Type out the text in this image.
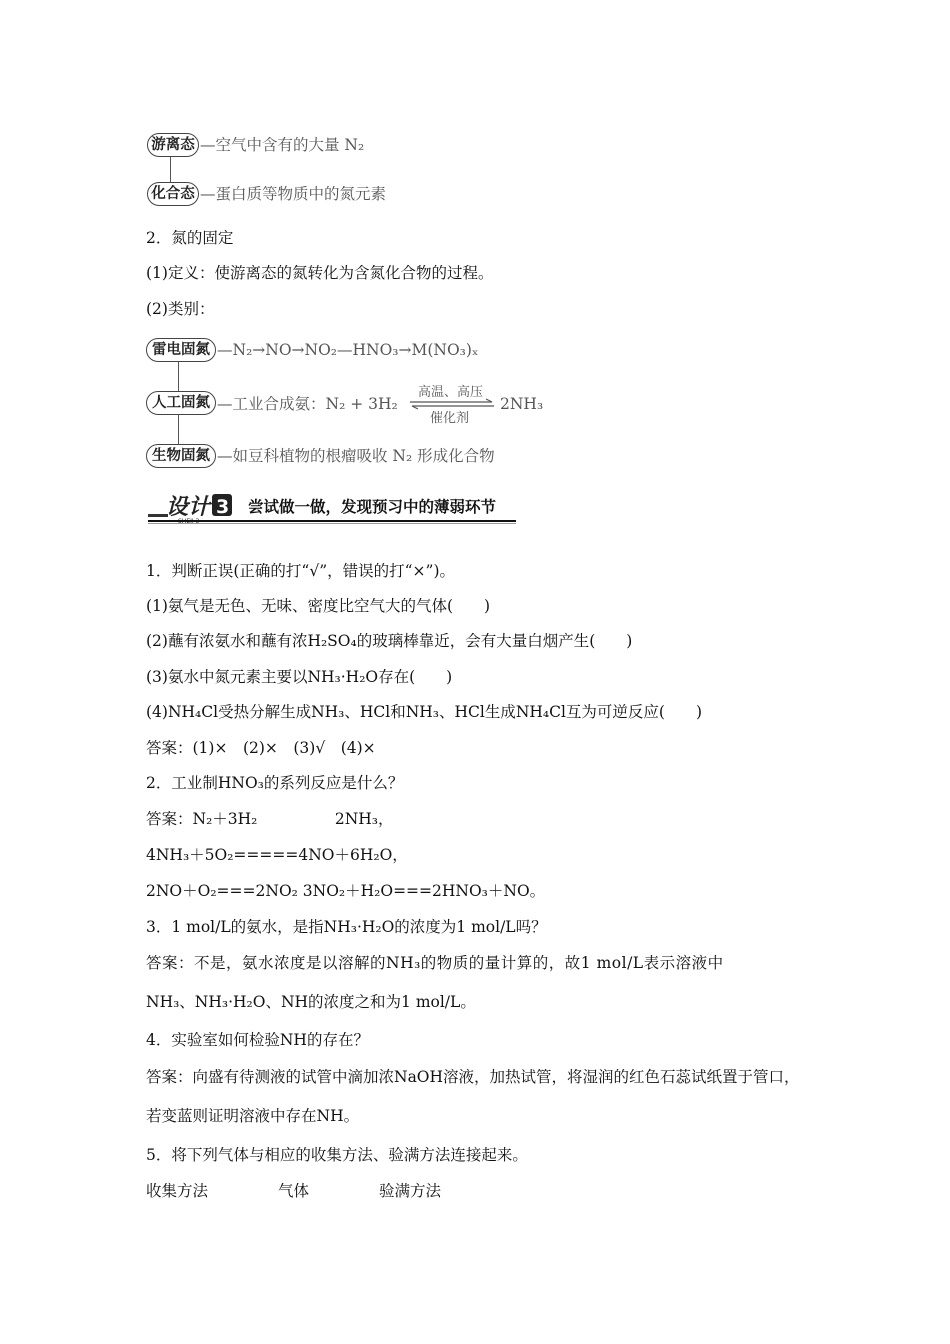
游离态 —空气中含有的大量 N₂
化合态 —蛋白质等物质中的氮元素
2．氮的固定
(1)定义：使游离态的氮转化为含氮化合物的过程。
(2)类别：
雷电固氮 —N₂→NO→NO₂—HNO₃→M(NO₃)ₓ
人工固氮 —工业合成氨：N₂ + 3H₂
高温、高压
催化剂
2NH₃
生物固氮 —如豆科植物的根瘤吸收 N₂ 形成化合物
设计 3 尝试做一做，发现预习中的薄弱环节
1．判断正误(正确的打“√”，错误的打“×”)。
(1)氨气是无色、无味、密度比空气大的气体(　　)
(2)蘸有浓氨水和蘸有浓H₂SO₄的玻璃棒靠近，会有大量白烟产生(　　)
(3)氨水中氮元素主要以NH₃·H₂O存在(　　)
(4)NH₄Cl受热分解生成NH₃、HCl和NH₃、HCl生成NH₄Cl互为可逆反应(　　)
答案：(1)×　(2)×　(3)√　(4)×
2．工业制HNO₃的系列反应是什么？
答案：N₂＋3H₂　　　　　2NH₃，
4NH₃＋5O₂=====4NO＋6H₂O，
2NO＋O₂===2NO₂ 3NO₂＋H₂O===2HNO₃＋NO。
3．1 mol/L的氨水，是指NH₃·H₂O的浓度为1 mol/L吗？
答案：不是，氨水浓度是以溶解的NH₃的物质的量计算的，故1 mol/L表示溶液中
NH₃、NH₃·H₂O、NH的浓度之和为1 mol/L。
4．实验室如何检验NH的存在？
答案：向盛有待测液的试管中滴加浓NaOH溶液，加热试管，将湿润的红色石蕊试纸置于管口，
若变蓝则证明溶液中存在NH。
5．将下列气体与相应的收集方法、验满方法连接起来。
收集方法	气体	验满方法
